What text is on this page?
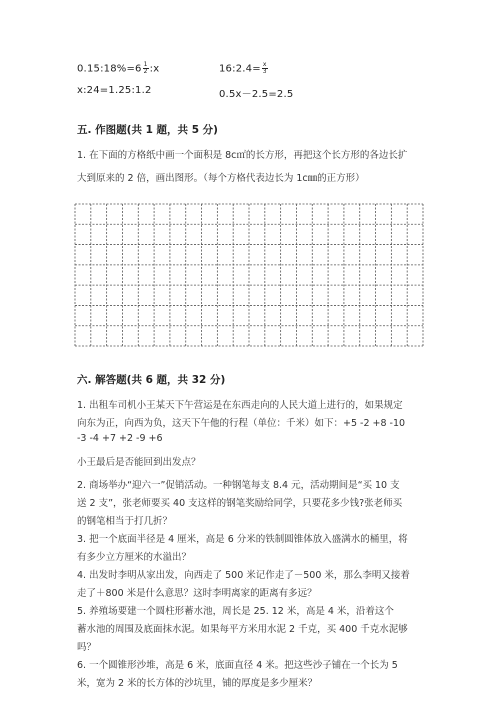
0.15:18%=6 $\frac{1}{2}$ :x	16:2.4= $\frac{x}{3}$
x:24=1.25:1.2	0.5x－2.5=2.5
五. 作图题(共 1 题，共 5 分)
1. 在下面的方格纸中画一个面积是 8c㎡的长方形，再把这个长方形的各边长扩
大到原来的 2 倍，画出图形。（每个方格代表边长为 1c㎜的正方形）
六. 解答题(共 6 题，共 32 分)
1. 出租车司机小王某天下午营运是在东西走向的人民大道上进行的，如果规定
向东为正，向西为负，这天下午他的行程（单位：千米）如下：+5 -2 +8 -10
-3 -4 +7 +2 -9 +6
小王最后是否能回到出发点？
2. 商场举办“迎六一”促销活动。一种钢笔每支 8.4 元，活动期间是“买 10 支
送 2 支”，张老师要买 40 支这样的钢笔奖励给同学，只要花多少钱?张老师买
的钢笔相当于打几折？
3. 把一个底面半径是 4 厘米，高是 6 分米的铁制圆锥体放入盛满水的桶里，将
有多少立方厘米的水溢出？
4. 出发时李明从家出发，向西走了 500 米记作走了－500 米，那么李明又接着
走了＋800 米是什么意思？这时李明离家的距离有多远？
5. 养殖场要建一个圆柱形蓄水池，周长是 25. 12 米，高是 4 米，沿着这个
蓄水池的周围及底面抹水泥。如果每平方米用水泥 2 千克，买 400 千克水泥够
吗？
6. 一个圆锥形沙堆，高是 6 米，底面直径 4 米。把这些沙子铺在一个长为 5
米，宽为 2 米的长方体的沙坑里，铺的厚度是多少厘米？
